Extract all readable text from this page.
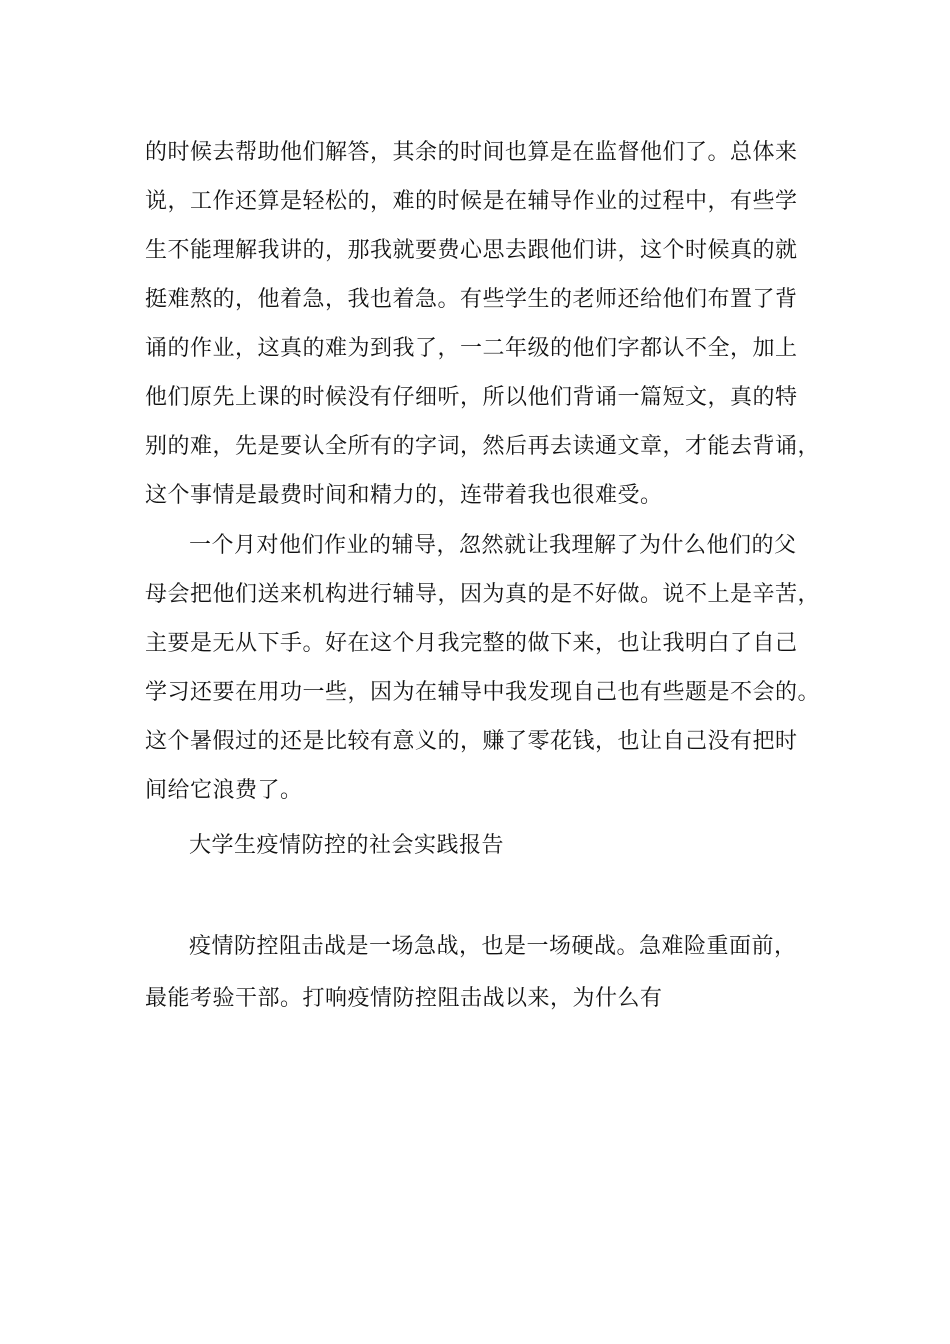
的时候去帮助他们解答，其余的时间也算是在监督他们了。总体来
说，工作还算是轻松的，难的时候是在辅导作业的过程中，有些学
生不能理解我讲的，那我就要费心思去跟他们讲，这个时候真的就
挺难熬的，他着急，我也着急。有些学生的老师还给他们布置了背
诵的作业，这真的难为到我了，一二年级的他们字都认不全，加上
他们原先上课的时候没有仔细听，所以他们背诵一篇短文，真的特
别的难，先是要认全所有的字词，然后再去读通文章，才能去背诵，
这个事情是最费时间和精力的，连带着我也很难受。
一个月对他们作业的辅导，忽然就让我理解了为什么他们的父
母会把他们送来机构进行辅导，因为真的是不好做。说不上是辛苦，
主要是无从下手。好在这个月我完整的做下来，也让我明白了自己
学习还要在用功一些，因为在辅导中我发现自己也有些题是不会的。
这个暑假过的还是比较有意义的，赚了零花钱，也让自己没有把时
间给它浪费了。
大学生疫情防控的社会实践报告
疫情防控阻击战是一场急战，也是一场硬战。急难险重面前，
最能考验干部。打响疫情防控阻击战以来，为什么有
